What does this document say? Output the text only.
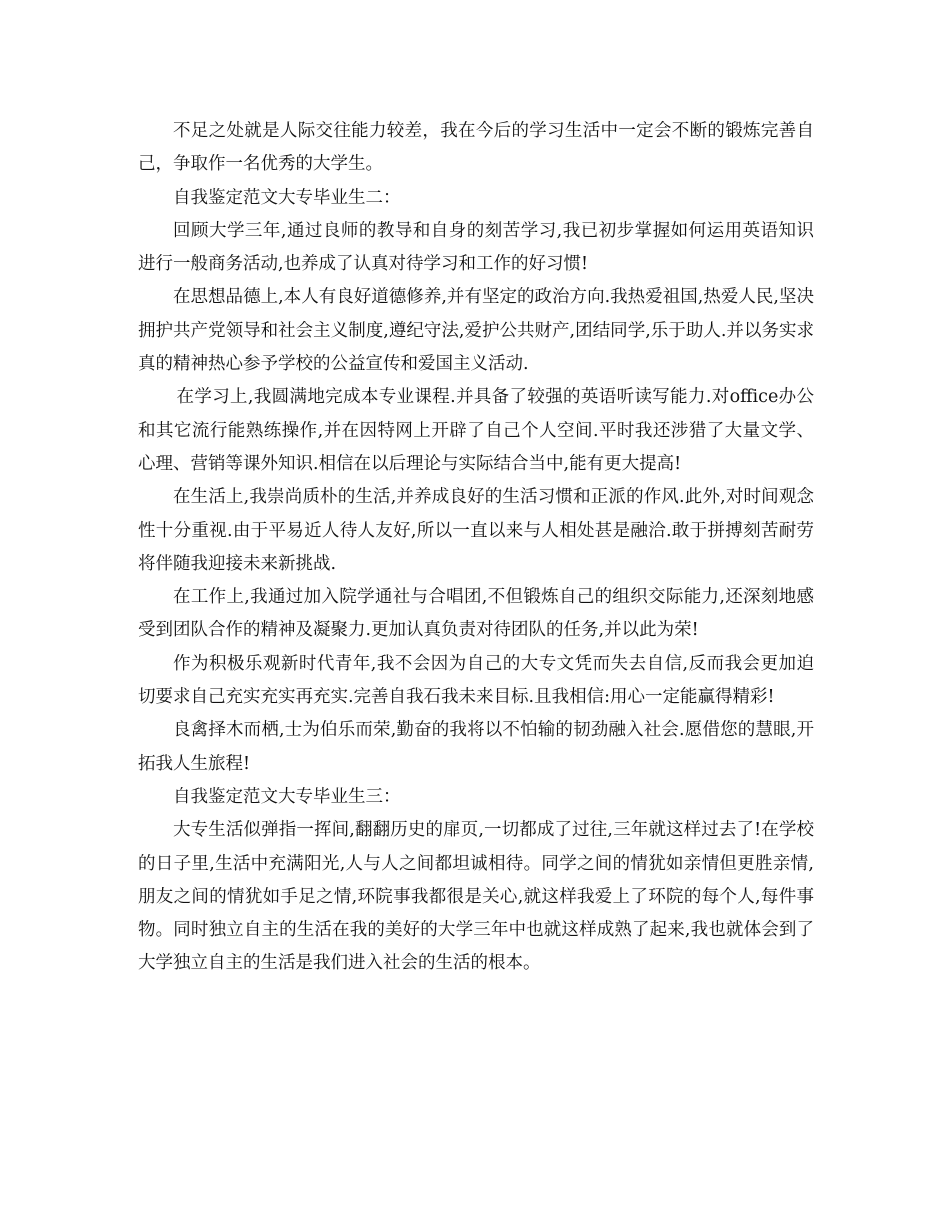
不足之处就是人际交往能力较差，我在今后的学习生活中一定会不断的锻炼完善自己，争取作一名优秀的大学生。

自我鉴定范文大专毕业生二：

回顾大学三年,通过良师的教导和自身的刻苦学习,我已初步掌握如何运用英语知识进行一般商务活动,也养成了认真对待学习和工作的好习惯!

在思想品德上,本人有良好道德修养,并有坚定的政治方向.我热爱祖国,热爱人民,坚决拥护共产党领导和社会主义制度,遵纪守法,爱护公共财产,团结同学,乐于助人.并以务实求真的精神热心参予学校的公益宣传和爱国主义活动.

在学习上,我圆满地完成本专业课程.并具备了较强的英语听读写能力.对office办公和其它流行能熟练操作,并在因特网上开辟了自己个人空间.平时我还涉猎了大量文学、心理、营销等课外知识.相信在以后理论与实际结合当中,能有更大提高!

在生活上,我崇尚质朴的生活,并养成良好的生活习惯和正派的作风.此外,对时间观念性十分重视.由于平易近人待人友好,所以一直以来与人相处甚是融洽.敢于拼搏刻苦耐劳将伴随我迎接未来新挑战.

在工作上,我通过加入院学通社与合唱团,不但锻炼自己的组织交际能力,还深刻地感受到团队合作的精神及凝聚力.更加认真负责对待团队的任务,并以此为荣!

作为积极乐观新时代青年,我不会因为自己的大专文凭而失去自信,反而我会更加迫切要求自己充实充实再充实.完善自我石我未来目标.且我相信:用心一定能赢得精彩!

良禽择木而栖,士为伯乐而荣,勤奋的我将以不怕输的韧劲融入社会.愿借您的慧眼,开拓我人生旅程!

自我鉴定范文大专毕业生三：

大专生活似弹指一挥间,翻翻历史的扉页,一切都成了过往,三年就这样过去了!在学校的日子里,生活中充满阳光,人与人之间都坦诚相待。同学之间的情犹如亲情但更胜亲情,朋友之间的情犹如手足之情,环院事我都很是关心,就这样我爱上了环院的每个人,每件事物。同时独立自主的生活在我的美好的大学三年中也就这样成熟了起来,我也就体会到了大学独立自主的生活是我们进入社会的生活的根本。
